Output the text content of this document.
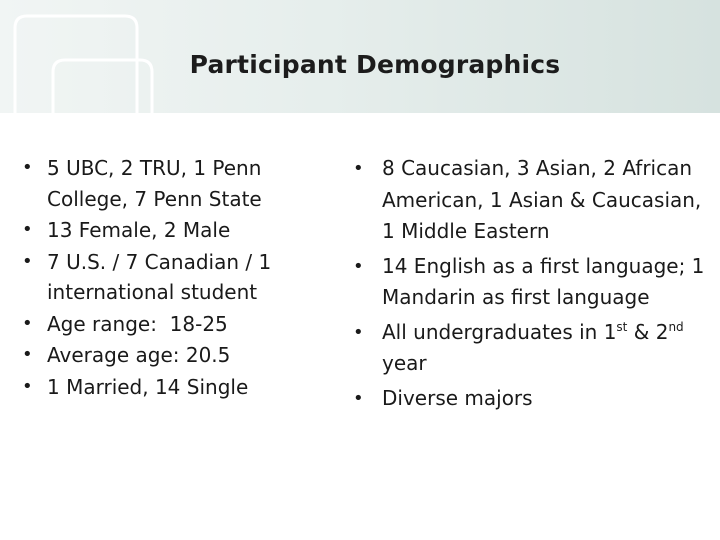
Participant Demographics
• 5 UBC, 2 TRU, 1 Penn College, 7 Penn State
• 13 Female, 2 Male
• 7 U.S. / 7 Canadian / 1 international student
• Age range:  18-25
• Average age: 20.5
• 1 Married, 14 Single
• 8 Caucasian, 3 Asian, 2 African American, 1 Asian & Caucasian, 1 Middle Eastern
• 14 English as a first language; 1 Mandarin as first language
• All undergraduates in 1st & 2nd year
• Diverse majors
